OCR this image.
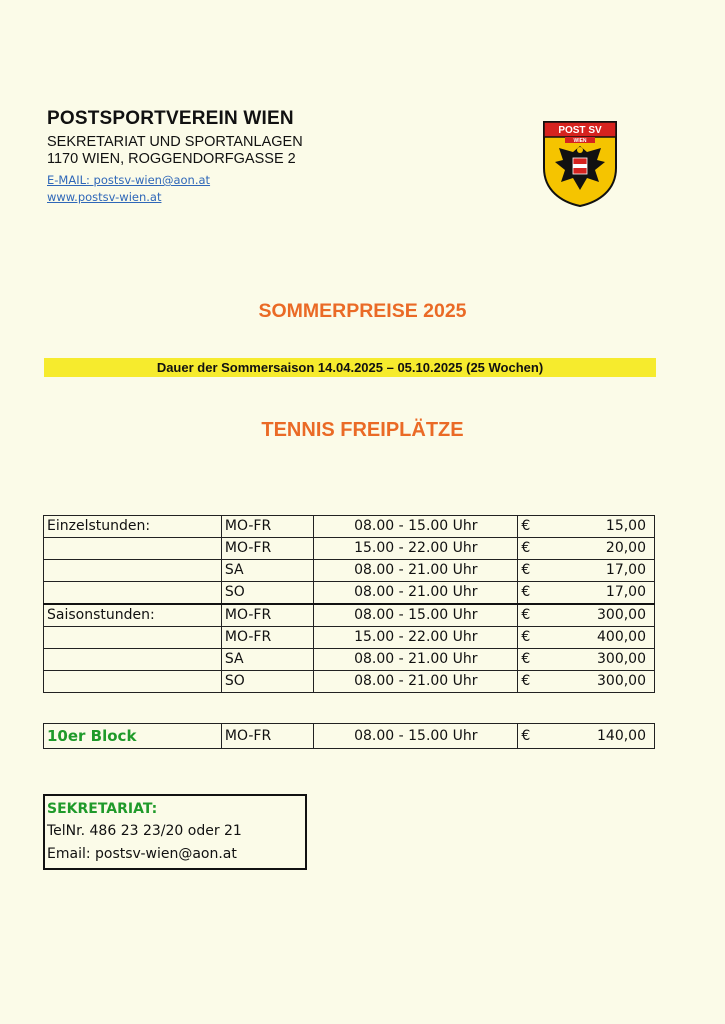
POSTSPORTVEREIN WIEN
SEKRETARIAT UND SPORTANLAGEN
1170 WIEN, ROGGENDORFGASSE 2
E-MAIL: postsv-wien@aon.at
www.postsv-wien.at
POST SV
WIEN
SOMMERPREISE 2025
Dauer der Sommersaison 14.04.2025 – 05.10.2025 (25 Wochen)
TENNIS FREIPLÄTZE
Einzelstunden:	MO-FR	08.00 - 15.00 Uhr	€	15,00
	MO-FR	15.00 - 22.00 Uhr	€	20,00
	SA	08.00 - 21.00 Uhr	€	17,00
	SO	08.00 - 21.00 Uhr	€	17,00
Saisonstunden:	MO-FR	08.00 - 15.00 Uhr	€	300,00
	MO-FR	15.00 - 22.00 Uhr	€	400,00
	SA	08.00 - 21.00 Uhr	€	300,00
	SO	08.00 - 21.00 Uhr	€	300,00
10er Block	MO-FR	08.00 - 15.00 Uhr	€	140,00
SEKRETARIAT:
TelNr. 486 23 23/20 oder 21
Email: postsv-wien@aon.at
